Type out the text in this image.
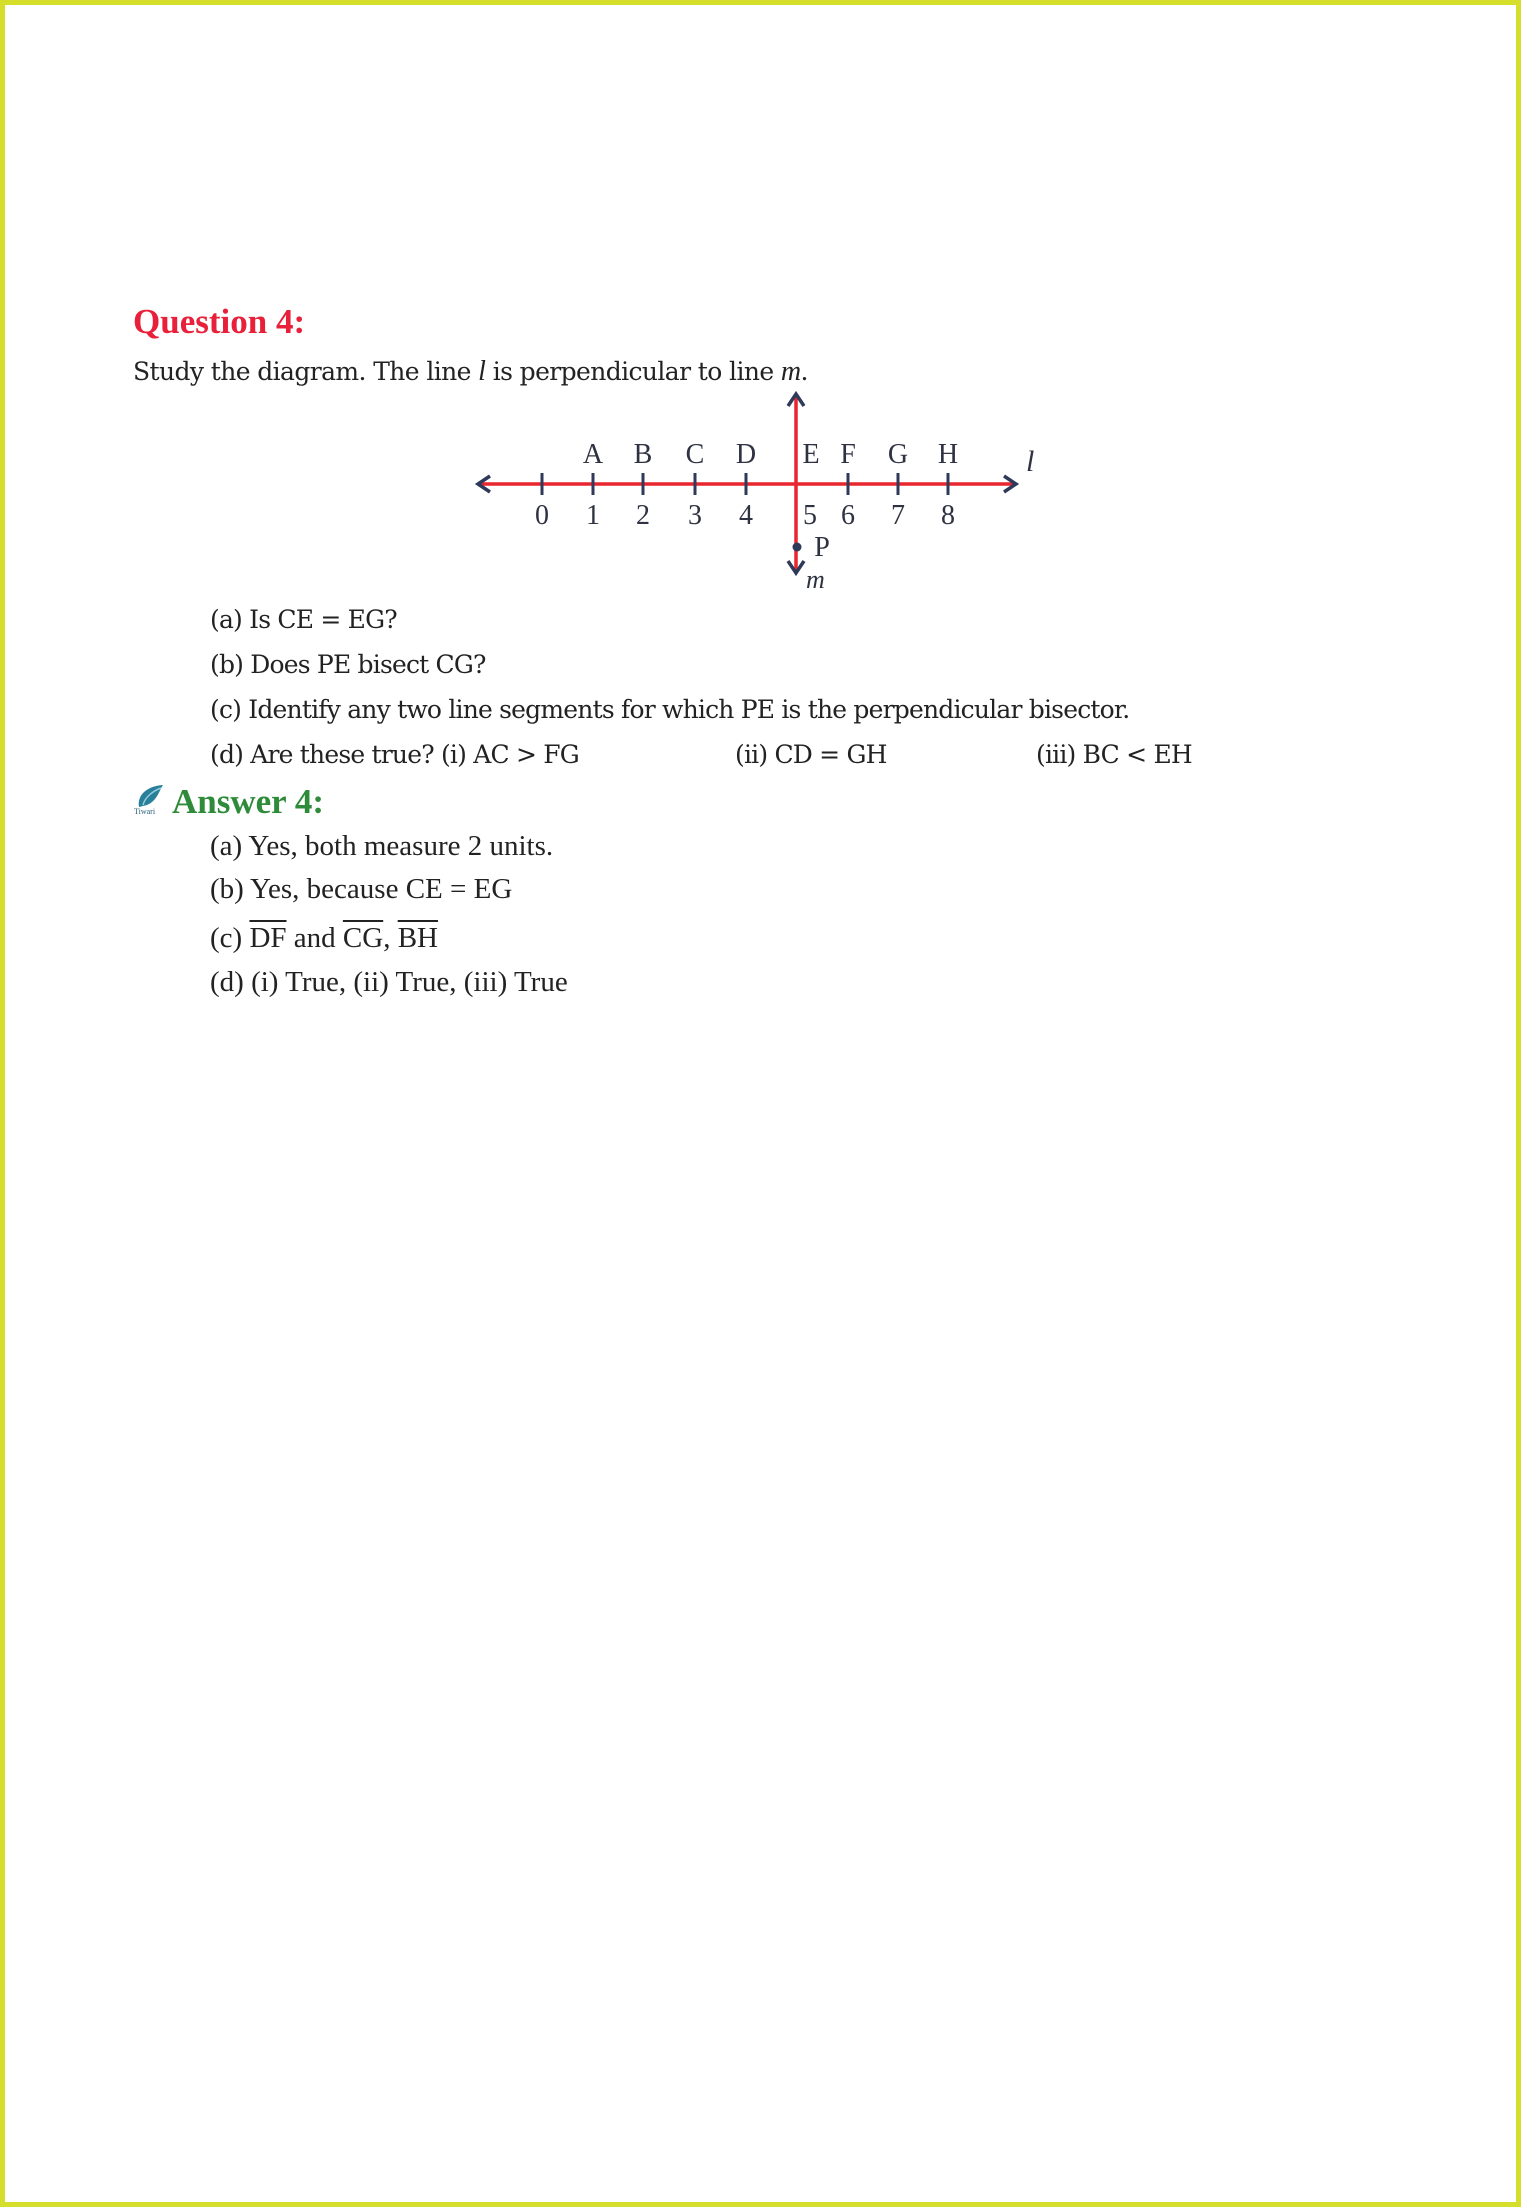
Question 4:
Study the diagram. The line l is perpendicular to line m.
A B C D E F G H
0 1 2 3 4 5 6 7 8
P
l
m
(a) Is CE = EG?
(b) Does PE bisect CG?
(c) Identify any two line segments for which PE is the perpendicular bisector.
(d) Are these true? (i) AC > FG	(ii) CD = GH	(iii) BC < EH
Tiwari Answer 4:
(a) Yes, both measure 2 units.
(b) Yes, because CE = EG
(c) $\overline{DF}$ and $\overline{CG}$, $\overline{BH}$
(d) (i) True, (ii) True, (iii) True
